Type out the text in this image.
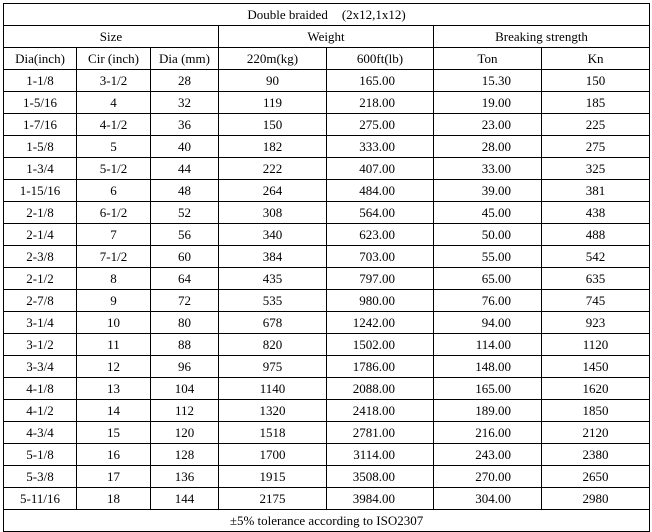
Double braided (2x12,1x12)						
Size			Weight		Breaking strength	
Dia(inch)	Cir (inch)	Dia (mm)	220m(kg)	600ft(lb)	Ton	Kn
1-1/8	3-1/2	28	90	165.00	15.30	150
1-5/16	4	32	119	218.00	19.00	185
1-7/16	4-1/2	36	150	275.00	23.00	225
1-5/8	5	40	182	333.00	28.00	275
1-3/4	5-1/2	44	222	407.00	33.00	325
1-15/16	6	48	264	484.00	39.00	381
2-1/8	6-1/2	52	308	564.00	45.00	438
2-1/4	7	56	340	623.00	50.00	488
2-3/8	7-1/2	60	384	703.00	55.00	542
2-1/2	8	64	435	797.00	65.00	635
2-7/8	9	72	535	980.00	76.00	745
3-1/4	10	80	678	1242.00	94.00	923
3-1/2	11	88	820	1502.00	114.00	1120
3-3/4	12	96	975	1786.00	148.00	1450
4-1/8	13	104	1140	2088.00	165.00	1620
4-1/2	14	112	1320	2418.00	189.00	1850
4-3/4	15	120	1518	2781.00	216.00	2120
5-1/8	16	128	1700	3114.00	243.00	2380
5-3/8	17	136	1915	3508.00	270.00	2650
5-11/16	18	144	2175	3984.00	304.00	2980
±5% tolerance according to ISO2307						
